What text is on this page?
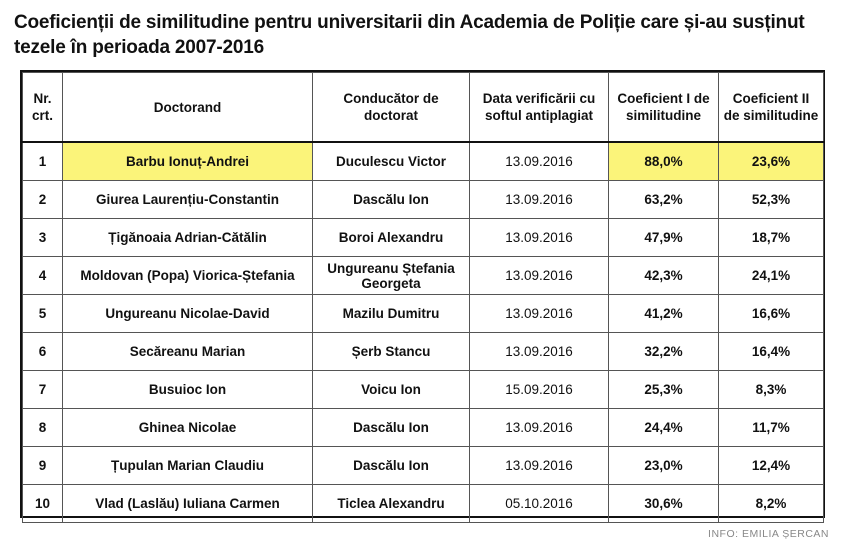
Coeficienții de similitudine pentru universitarii din Academia de Poliție care și-au susținut tezele în perioada 2007-2016
Nr. crt.	Doctorand	Conducător de doctorat	Data verificării cu softul antiplagiat	Coeficient I de similitudine	Coeficient II de similitudine
1	Barbu Ionuț-Andrei	Duculescu Victor	13.09.2016	88,0%	23,6%
2	Giurea Laurențiu-Constantin	Dascălu Ion	13.09.2016	63,2%	52,3%
3	Țigănoaia Adrian-Cătălin	Boroi Alexandru	13.09.2016	47,9%	18,7%
4	Moldovan (Popa) Viorica-Ștefania	Ungureanu Ștefania Georgeta	13.09.2016	42,3%	24,1%
5	Ungureanu Nicolae-David	Mazilu Dumitru	13.09.2016	41,2%	16,6%
6	Secăreanu Marian	Șerb Stancu	13.09.2016	32,2%	16,4%
7	Busuioc Ion	Voicu Ion	15.09.2016	25,3%	8,3%
8	Ghinea Nicolae	Dascălu Ion	13.09.2016	24,4%	11,7%
9	Țupulan Marian Claudiu	Dascălu Ion	13.09.2016	23,0%	12,4%
10	Vlad (Laslău) Iuliana Carmen	Ticlea Alexandru	05.10.2016	30,6%	8,2%
INFO: EMILIA ȘERCAN
